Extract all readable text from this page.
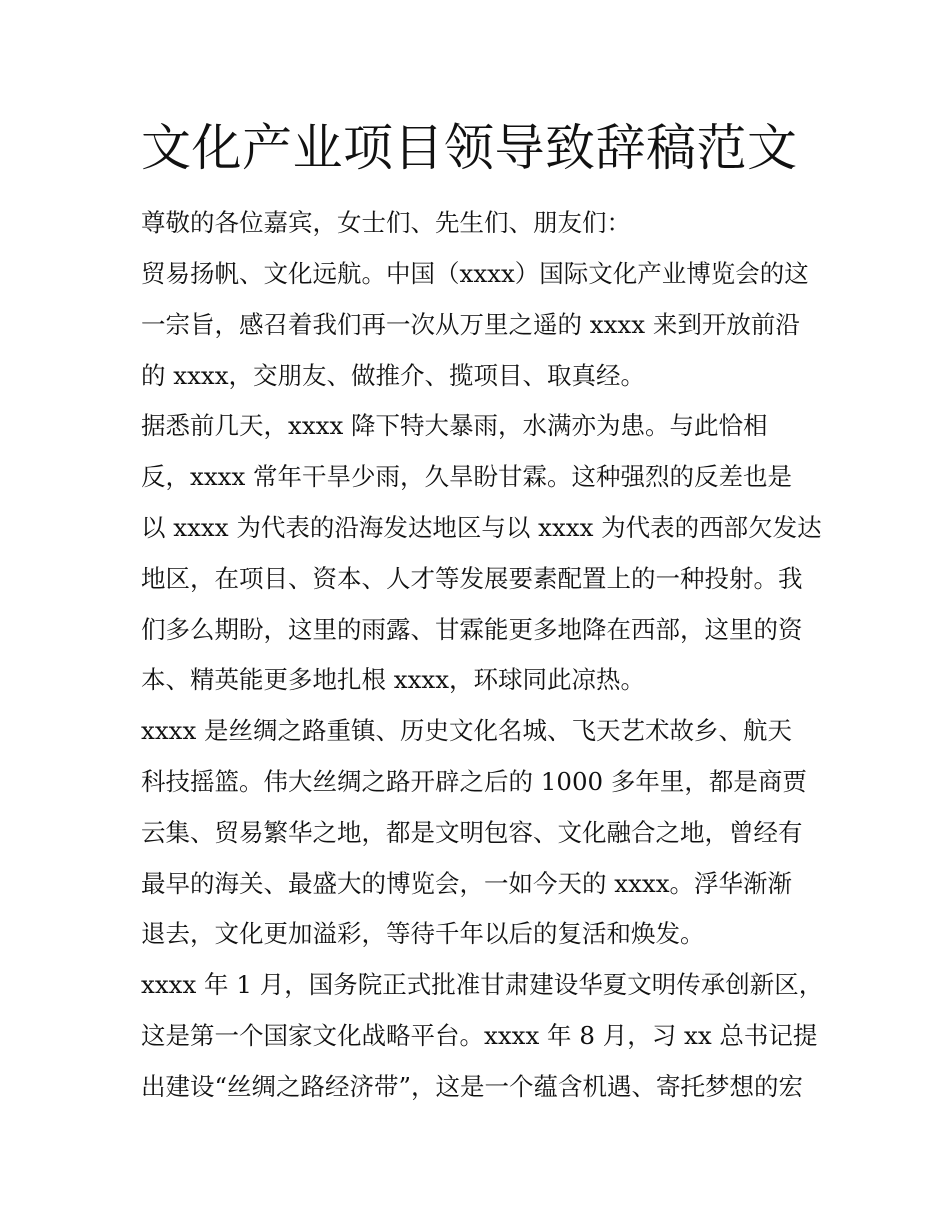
文化产业项目领导致辞稿范文

尊敬的各位嘉宾，女士们、先生们、朋友们：

贸易扬帆、文化远航。中国（xxxx）国际文化产业博览会的这

一宗旨，感召着我们再一次从万里之遥的 xxxx 来到开放前沿

的 xxxx，交朋友、做推介、揽项目、取真经。

据悉前几天，xxxx 降下特大暴雨，水满亦为患。与此恰相

反，xxxx 常年干旱少雨，久旱盼甘霖。这种强烈的反差也是

以 xxxx 为代表的沿海发达地区与以 xxxx 为代表的西部欠发达

地区，在项目、资本、人才等发展要素配置上的一种投射。我

们多么期盼，这里的雨露、甘霖能更多地降在西部，这里的资

本、精英能更多地扎根 xxxx，环球同此凉热。

xxxx 是丝绸之路重镇、历史文化名城、飞天艺术故乡、航天

科技摇篮。伟大丝绸之路开辟之后的 1000 多年里，都是商贾

云集、贸易繁华之地，都是文明包容、文化融合之地，曾经有

最早的海关、最盛大的博览会，一如今天的 xxxx。浮华渐渐

退去，文化更加溢彩，等待千年以后的复活和焕发。

xxxx 年 1 月，国务院正式批准甘肃建设华夏文明传承创新区，

这是第一个国家文化战略平台。xxxx 年 8 月，习 xx 总书记提

出建设“丝绸之路经济带”，这是一个蕴含机遇、寄托梦想的宏
